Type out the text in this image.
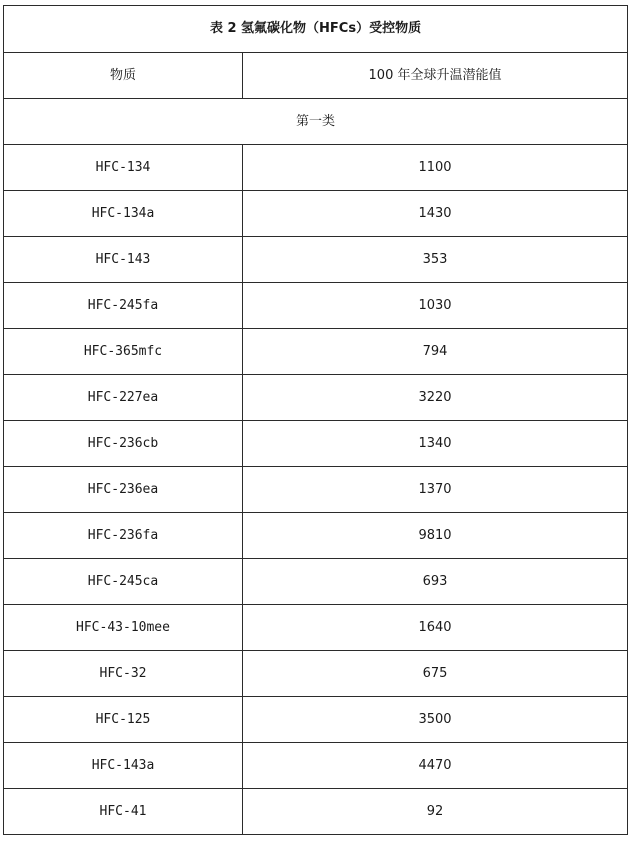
表 2 氢氟碳化物（HFCs）受控物质	
物质	100 年全球升温潜能值
第一类	
HFC-134	1100
HFC-134a	1430
HFC-143	353
HFC-245fa	1030
HFC-365mfc	794
HFC-227ea	3220
HFC-236cb	1340
HFC-236ea	1370
HFC-236fa	9810
HFC-245ca	693
HFC-43-10mee	1640
HFC-32	675
HFC-125	3500
HFC-143a	4470
HFC-41	92
